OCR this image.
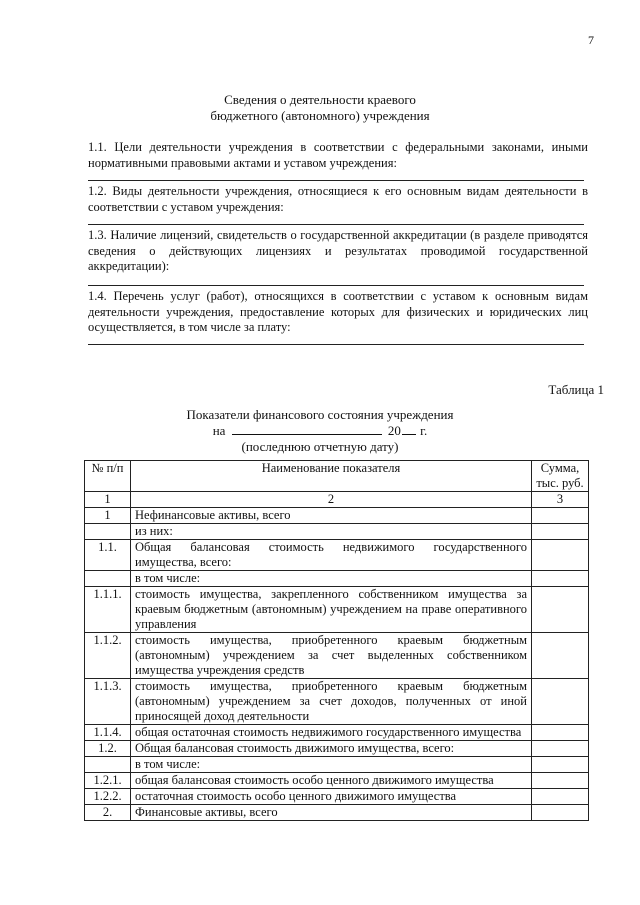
7
Сведения о деятельности краевого
бюджетного (автономного) учреждения
1.1. Цели деятельности учреждения в соответствии с федеральными законами, иными нормативными правовыми актами и уставом учреждения:
1.2. Виды деятельности учреждения, относящиеся к его основным видам деятельности в соответствии с уставом учреждения:
1.3. Наличие лицензий, свидетельств о государственной аккредитации (в разделе приводятся сведения о действующих лицензиях и результатах проводимой государственной аккредитации):
1.4. Перечень услуг (работ), относящихся в соответствии с уставом к основным видам деятельности учреждения, предоставление которых для физических и юридических лиц осуществляется, в том числе за плату:
Таблица 1
Показатели финансового состояния учреждения
на	20 г.
(последнюю отчетную дату)
№ п/п	Наименование показателя	Сумма, тыс. руб.
1	2	3
1	Нефинансовые активы, всего	
	из них:	
1.1.	Общая балансовая стоимость недвижимого государственного имущества, всего:	
	в том числе:	
1.1.1.	стоимость имущества, закрепленного собственником имущества за краевым бюджетным (автономным) учреждением на праве оперативного управления	
1.1.2.	стоимость имущества, приобретенного краевым бюджетным (автономным) учреждением за счет выделенных собственником имущества учреждения средств	
1.1.3.	стоимость имущества, приобретенного краевым бюджетным (автономным) учреждением за счет доходов, полученных от иной приносящей доход деятельности	
1.1.4.	общая остаточная стоимость недвижимого государственного имущества	
1.2.	Общая балансовая стоимость движимого имущества, всего:	
	в том числе:	
1.2.1.	общая балансовая стоимость особо ценного движимого имущества	
1.2.2.	остаточная стоимость особо ценного движимого имущества	
2.	Финансовые активы, всего	
